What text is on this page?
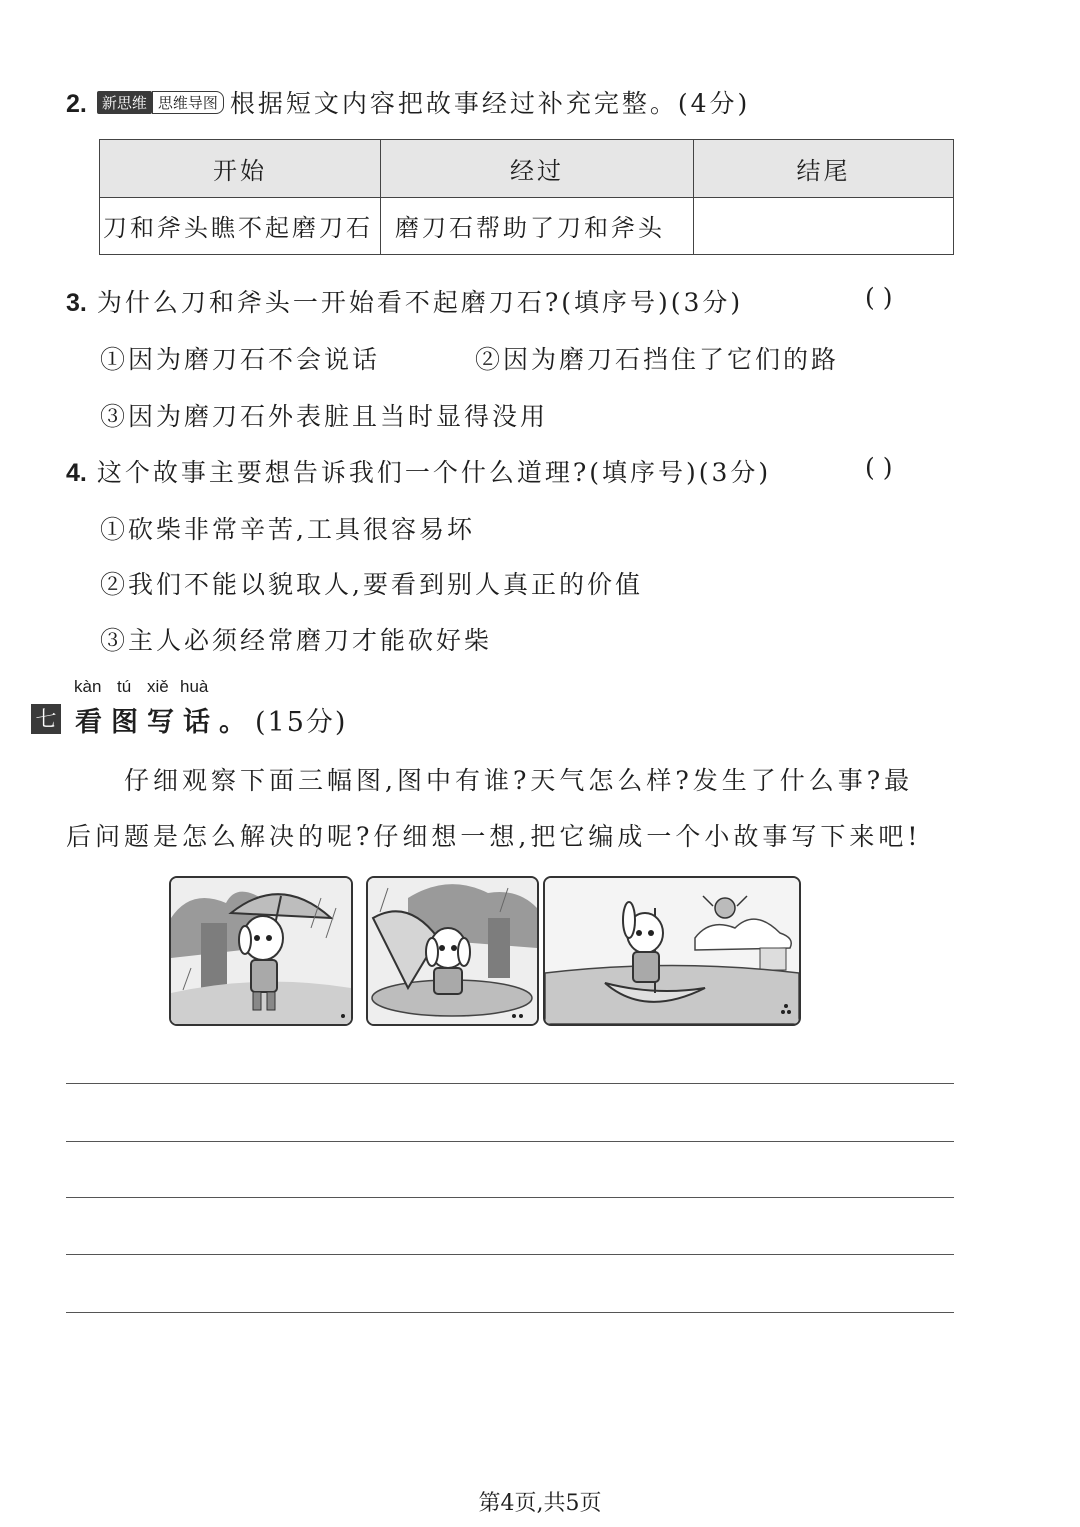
2. 新思维 思维导图 根据短文内容把故事经过补充完整。(4分)
开始	经过	结尾
刀和斧头瞧不起磨刀石	磨刀石帮助了刀和斧头	
3. 为什么刀和斧头一开始看不起磨刀石?(填序号)(3分)	( )
①因为磨刀石不会说话	②因为磨刀石挡住了它们的路
③因为磨刀石外表脏且当时显得没用
4. 这个故事主要想告诉我们一个什么道理?(填序号)(3分)	( )
①砍柴非常辛苦,工具很容易坏
②我们不能以貌取人,要看到别人真正的价值
③主人必须经常磨刀才能砍好柴
kàn tú xiě huà
七 看图写话。(15分)
仔细观察下面三幅图,图中有谁?天气怎么样?发生了什么事?最
后问题是怎么解决的呢?仔细想一想,把它编成一个小故事写下来吧!
第4页,共5页
